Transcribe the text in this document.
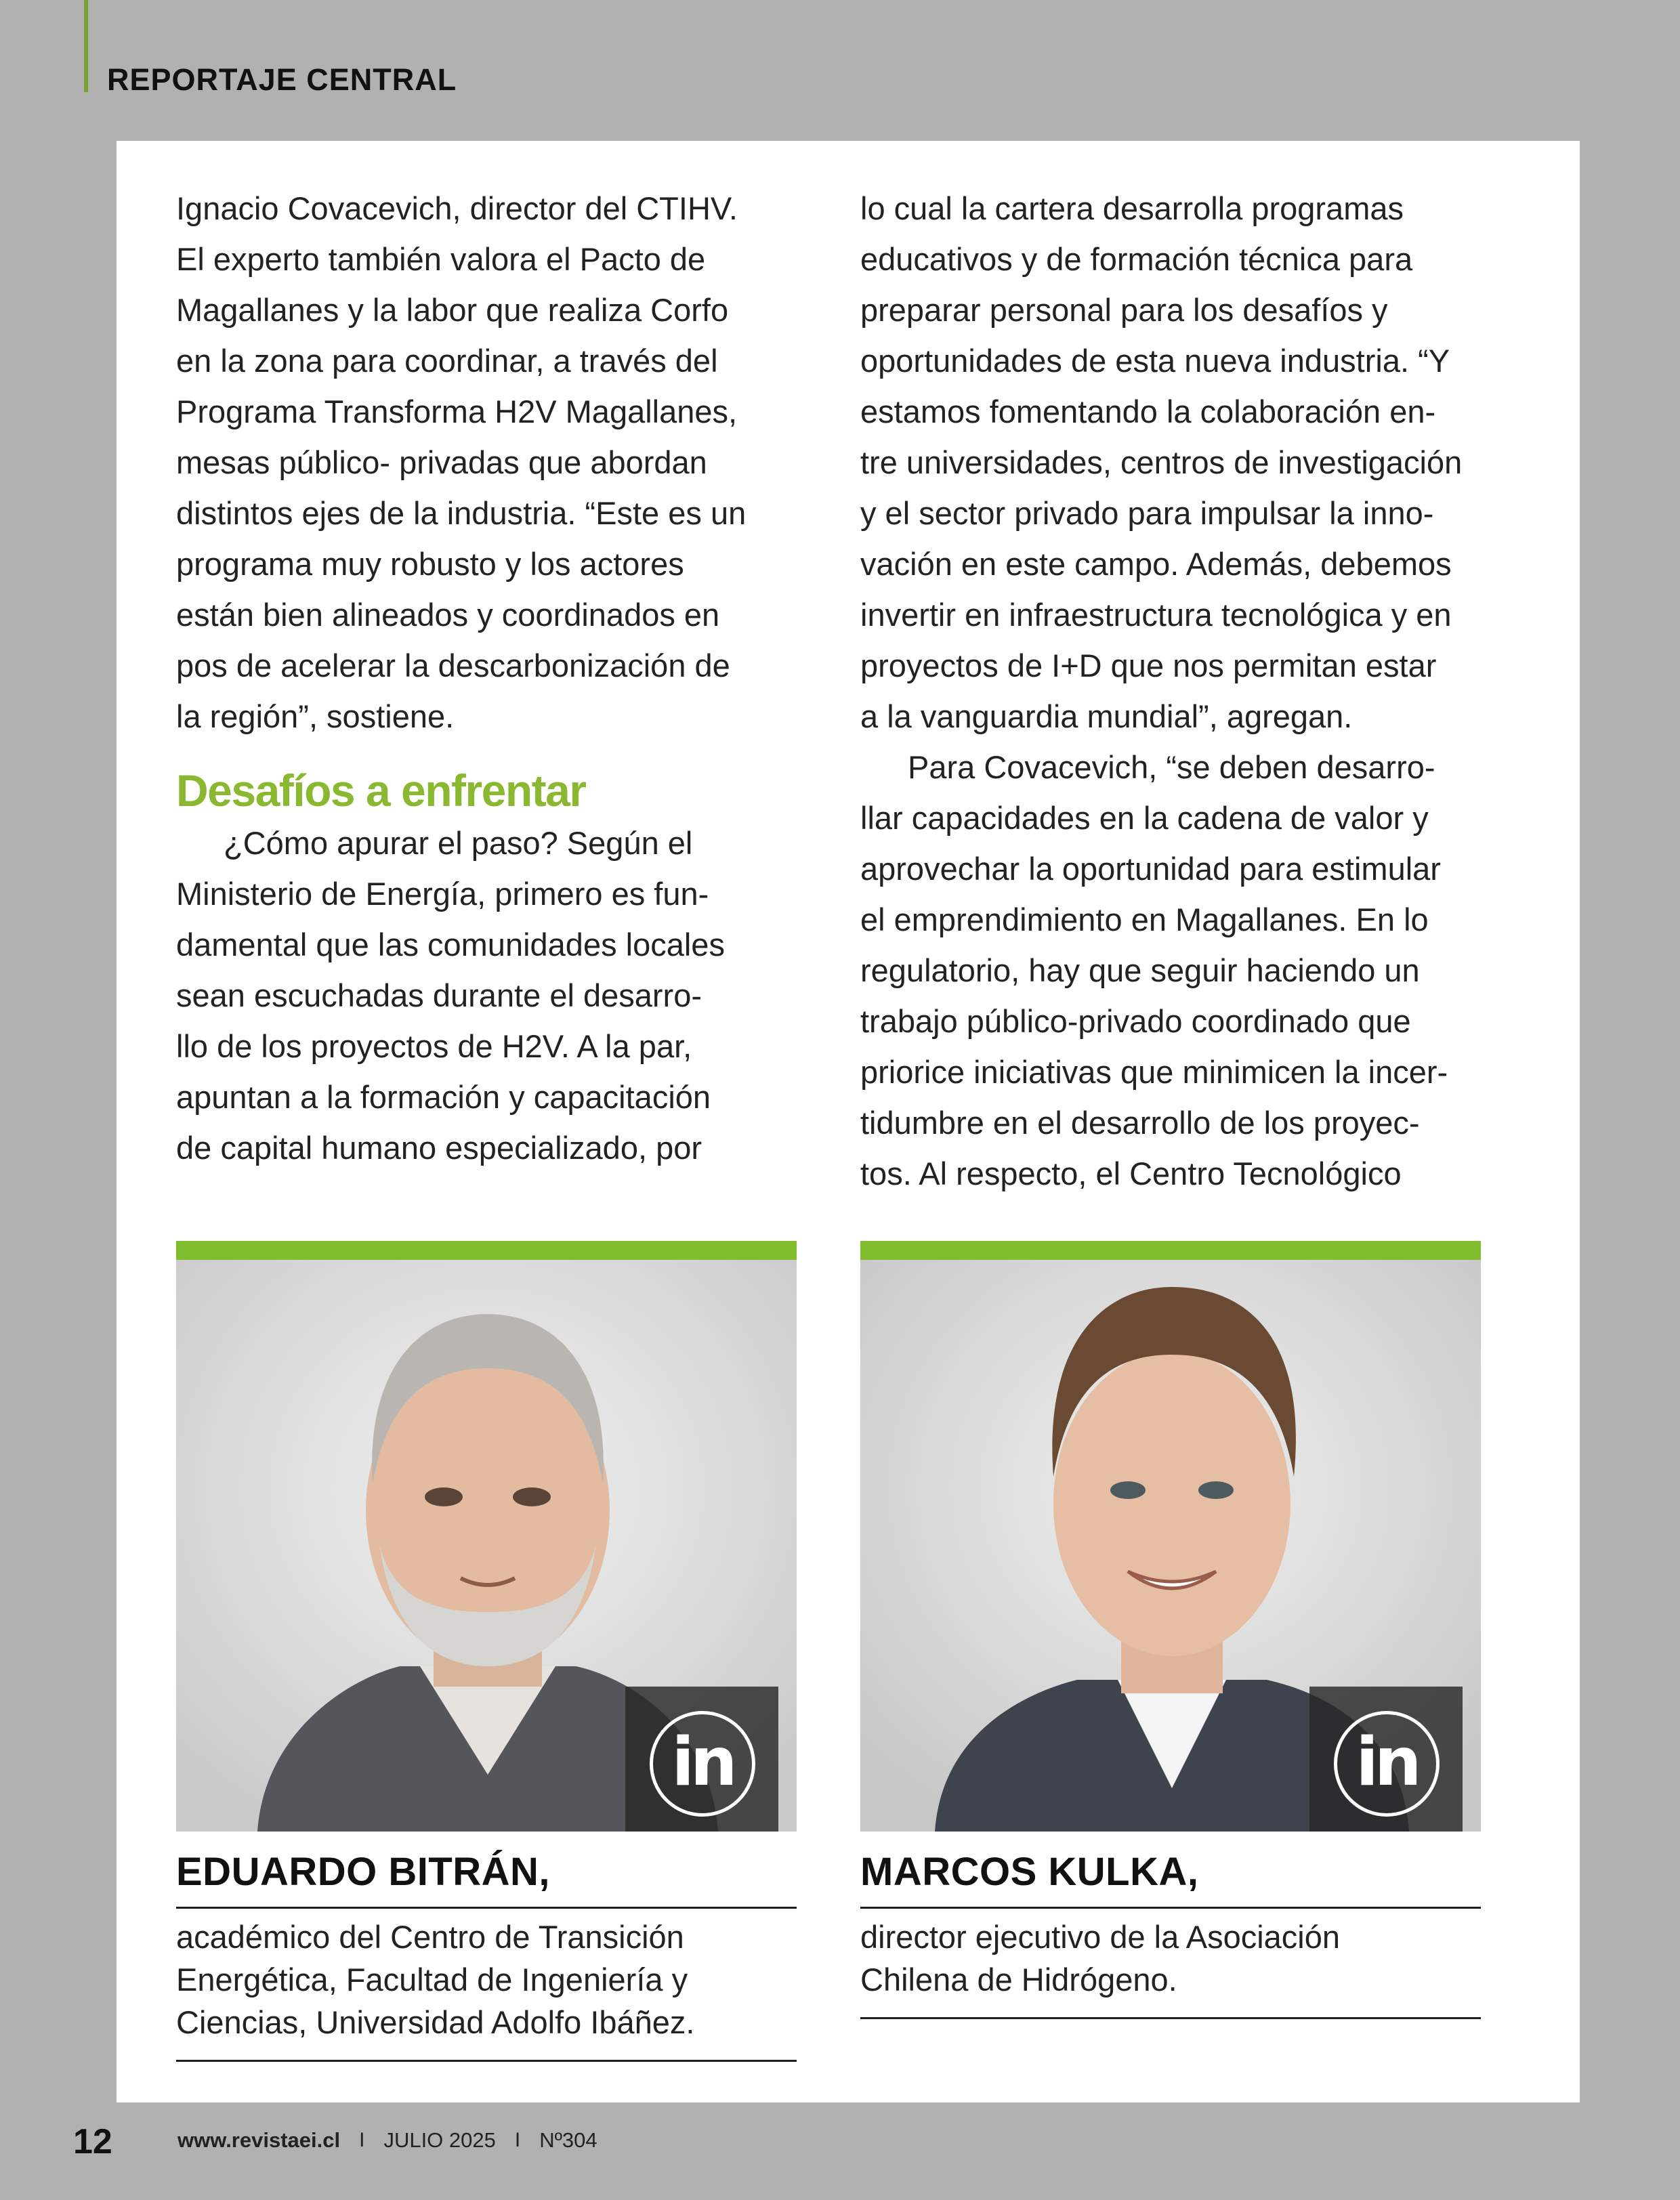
REPORTAJE CENTRAL

Ignacio Covacevich, director del CTIHV.
El experto también valora el Pacto de
Magallanes y la labor que realiza Corfo
en la zona para coordinar, a través del
Programa Transforma H2V Magallanes,
mesas público- privadas que abordan
distintos ejes de la industria. “Este es un
programa muy robusto y los actores
están bien alineados y coordinados en
pos de acelerar la descarbonización de
la región”, sostiene.

Desafíos a enfrentar

¿Cómo apurar el paso? Según el
Ministerio de Energía, primero es fun-
damental que las comunidades locales
sean escuchadas durante el desarro-
llo de los proyectos de H2V. A la par,
apuntan a la formación y capacitación
de capital humano especializado, por

lo cual la cartera desarrolla programas
educativos y de formación técnica para
preparar personal para los desafíos y
oportunidades de esta nueva industria. “Y
estamos fomentando la colaboración en-
tre universidades, centros de investigación
y el sector privado para impulsar la inno-
vación en este campo. Además, debemos
invertir en infraestructura tecnológica y en
proyectos de I+D que nos permitan estar
a la vanguardia mundial”, agregan.

Para Covacevich, “se deben desarro-
llar capacidades en la cadena de valor y
aprovechar la oportunidad para estimular
el emprendimiento en Magallanes. En lo
regulatorio, hay que seguir haciendo un
trabajo público-privado coordinado que
priorice iniciativas que minimicen la incer-
tidumbre en el desarrollo de los proyec-
tos. Al respecto, el Centro Tecnológico

in
EDUARDO BITRÁN,
académico del Centro de Transición
Energética, Facultad de Ingeniería y
Ciencias, Universidad Adolfo Ibáñez.
in
MARCOS KULKA,
director ejecutivo de la Asociación
Chilena de Hidrógeno.
12	www.revistaei.cl I JULIO 2025 I Nº304
